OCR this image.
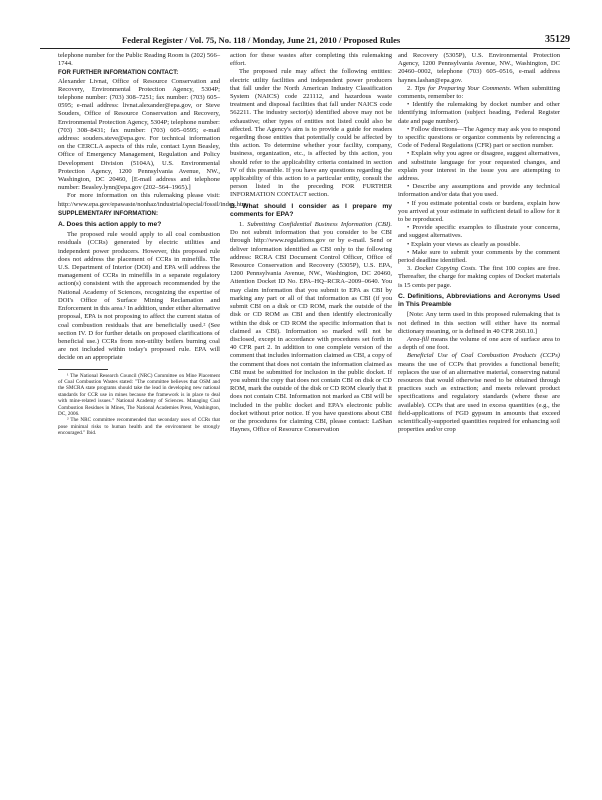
Federal Register / Vol. 75, No. 118 / Monday, June 21, 2010 / Proposed Rules	35129

telephone number for the Public Reading Room is (202) 566–1744.

FOR FURTHER INFORMATION CONTACT:

Alexander Livnat, Office of Resource Conservation and Recovery, Environmental Protection Agency, 5304P; telephone number: (703) 308–7251; fax number: (703) 605–0595; e-mail address: livnat.alexander@epa.gov, or Steve Souders, Office of Resource Conservation and Recovery, Environmental Protection Agency, 5304P; telephone number: (703) 308–8431; fax number: (703) 605–0595; e-mail address: souders.steve@epa.gov. For technical information on the CERCLA aspects of this rule, contact Lynn Beasley, Office of Emergency Management, Regulation and Policy Development Division (5104A), U.S. Environmental Protection Agency, 1200 Pennsylvania Avenue, NW., Washington, DC 20460, [E-mail address and telephone number: Beasley.lynn@epa.gov (202–564–1965).]

For more information on this rulemaking please visit: http://www.epa.gov/epawaste/nonhaz/industrial/special/fossil/index.htm.

SUPPLEMENTARY INFORMATION:

A. Does this action apply to me?

The proposed rule would apply to all coal combustion residuals (CCRs) generated by electric utilities and independent power producers. However, this proposed rule does not address the placement of CCRs in minefills. The U.S. Department of Interior (DOI) and EPA will address the management of CCRs in minefills in a separate regulatory action(s) consistent with the approach recommended by the National Academy of Sciences, recognizing the expertise of DOI's Office of Surface Mining Reclamation and Enforcement in this area.¹ In addition, under either alternative proposal, EPA is not proposing to affect the current status of coal combustion residuals that are beneficially used.² (See section IV. D for further details on proposed clarifications of beneficial use.) CCRs from non-utility boilers burning coal are not included within today's proposed rule. EPA will decide on an appropriate

¹ The National Research Council (NRC) Committee on Mine Placement of Coal Combustion Wastes stated: "The committee believes that OSM and the SMCRA state programs should take the lead in developing new national standards for CCR use in mines because the framework is in place to deal with mine-related issues." National Academy of Sciences. Managing Coal Combustion Residues in Mines, The National Academies Press, Washington, DC, 2006.

² The NRC committee recommended that secondary uses of CCRs that pose minimal risks to human health and the environment be strongly encouraged." Ibid.

action for these wastes after completing this rulemaking effort.

The proposed rule may affect the following entities: electric utility facilities and independent power producers that fall under the North American Industry Classification System (NAICS) code 221112, and hazardous waste treatment and disposal facilities that fall under NAICS code 562211. The industry sector(s) identified above may not be exhaustive; other types of entities not listed could also be affected. The Agency's aim is to provide a guide for readers regarding those entities that potentially could be affected by this action. To determine whether your facility, company, business, organization, etc., is affected by this action, you should refer to the applicability criteria contained in section IV of this preamble. If you have any questions regarding the applicability of this action to a particular entity, consult the person listed in the preceding FOR FURTHER INFORMATION CONTACT section.

B. What should I consider as I prepare my comments for EPA?

1. Submitting Confidential Business Information (CBI). Do not submit information that you consider to be CBI through http://www.regulations.gov or by e-mail. Send or deliver information identified as CBI only to the following address: RCRA CBI Document Control Officer, Office of Resource Conservation and Recovery (5305P), U.S. EPA, 1200 Pennsylvania Avenue, NW., Washington, DC 20460, Attention Docket ID No. EPA–HQ–RCRA–2009–0640. You may claim information that you submit to EPA as CBI by marking any part or all of that information as CBI (if you submit CBI on a disk or CD ROM, mark the outside of the disk or CD ROM as CBI and then identify electronically within the disk or CD ROM the specific information that is claimed as CBI). Information so marked will not be disclosed, except in accordance with procedures set forth in 40 CFR part 2. In addition to one complete version of the comment that includes information claimed as CBI, a copy of the comment that does not contain the information claimed as CBI must be submitted for inclusion in the public docket. If you submit the copy that does not contain CBI on disk or CD ROM, mark the outside of the disk or CD ROM clearly that it does not contain CBI. Information not marked as CBI will be included in the public docket and EPA's electronic public docket without prior notice. If you have questions about CBI or the procedures for claiming CBI, please contact: LaShan Haynes, Office of Resource Conservation

and Recovery (5305P), U.S. Environmental Protection Agency, 1200 Pennsylvania Avenue, NW., Washington, DC 20460–0002, telephone (703) 605–0516, e-mail address haynes.lashan@epa.gov.

2. Tips for Preparing Your Comments. When submitting comments, remember to:

• Identify the rulemaking by docket number and other identifying information (subject heading, Federal Register date and page number).
• Follow directions—The Agency may ask you to respond to specific questions or organize comments by referencing a Code of Federal Regulations (CFR) part or section number.
• Explain why you agree or disagree, suggest alternatives, and substitute language for your requested changes, and explain your interest in the issue you are attempting to address.
• Describe any assumptions and provide any technical information and/or data that you used.
• If you estimate potential costs or burdens, explain how you arrived at your estimate in sufficient detail to allow for it to be reproduced.
• Provide specific examples to illustrate your concerns, and suggest alternatives.
• Explain your views as clearly as possible.
• Make sure to submit your comments by the comment period deadline identified.

3. Docket Copying Costs. The first 100 copies are free. Thereafter, the charge for making copies of Docket materials is 15 cents per page.

C. Definitions, Abbreviations and Acronyms Used in This Preamble

[Note: Any term used in this proposed rulemaking that is not defined in this section will either have its normal dictionary meaning, or is defined in 40 CFR 260.10.]

Area-fill means the volume of one acre of surface area to a depth of one foot.

Beneficial Use of Coal Combustion Products (CCPs) means the use of CCPs that provides a functional benefit; replaces the use of an alternative material, conserving natural resources that would otherwise need to be obtained through practices such as extraction; and meets relevant product specifications and regulatory standards (where these are available). CCPs that are used in excess quantities (e.g., the field-applications of FGD gypsum in amounts that exceed scientifically-supported quantities required for enhancing soil properties and/or crop
